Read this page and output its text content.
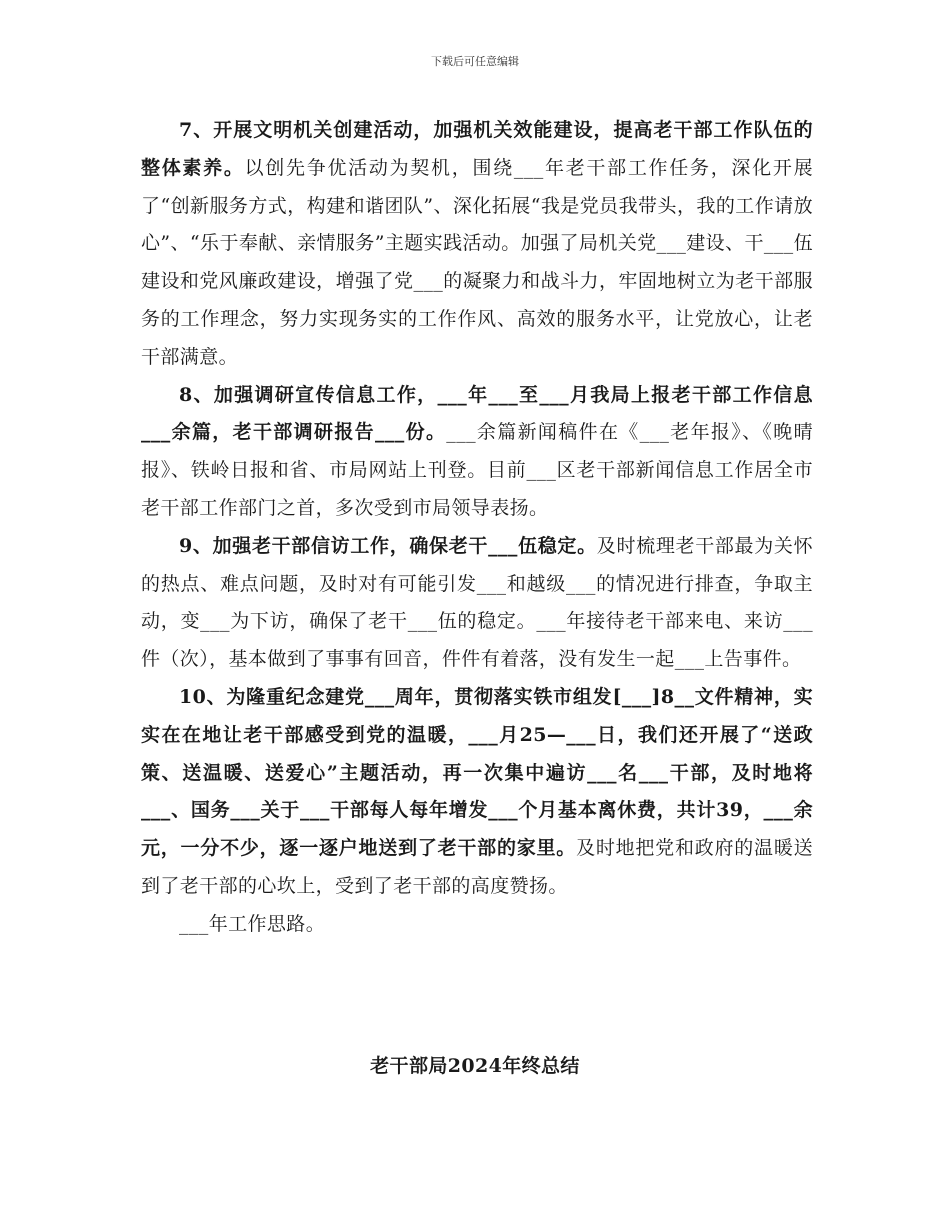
下载后可任意编辑

7、开展文明机关创建活动，加强机关效能建设，提高老干部工作队伍的整体素养。以创先争优活动为契机，围绕___年老干部工作任务，深化开展了“创新服务方式，构建和谐团队”、深化拓展“我是党员我带头，我的工作请放心”、“乐于奉献、亲情服务”主题实践活动。加强了局机关党___建设、干___伍建设和党风廉政建设，增强了党___的凝聚力和战斗力，牢固地树立为老干部服务的工作理念，努力实现务实的工作作风、高效的服务水平，让党放心，让老干部满意。

8、加强调研宣传信息工作，___年___至___月我局上报老干部工作信息___余篇，老干部调研报告___份。___余篇新闻稿件在《___老年报》、《晚晴报》、铁岭日报和省、市局网站上刊登。目前___区老干部新闻信息工作居全市老干部工作部门之首，多次受到市局领导表扬。

9、加强老干部信访工作，确保老干___伍稳定。及时梳理老干部最为关怀的热点、难点问题，及时对有可能引发___和越级___的情况进行排查，争取主动，变___为下访，确保了老干___伍的稳定。___年接待老干部来电、来访___件（次），基本做到了事事有回音，件件有着落，没有发生一起___上告事件。

10、为隆重纪念建党___周年，贯彻落实铁市组发[___]8__文件精神，实实在在地让老干部感受到党的温暖，___月25—___日，我们还开展了“送政策、送温暖、送爱心”主题活动，再一次集中遍访___名___干部，及时地将___、国务___关于___干部每人每年增发___个月基本离休费，共计39，___余元，一分不少，逐一逐户地送到了老干部的家里。及时地把党和政府的温暖送到了老干部的心坎上，受到了老干部的高度赞扬。

___年工作思路。

老干部局2024年终总结
